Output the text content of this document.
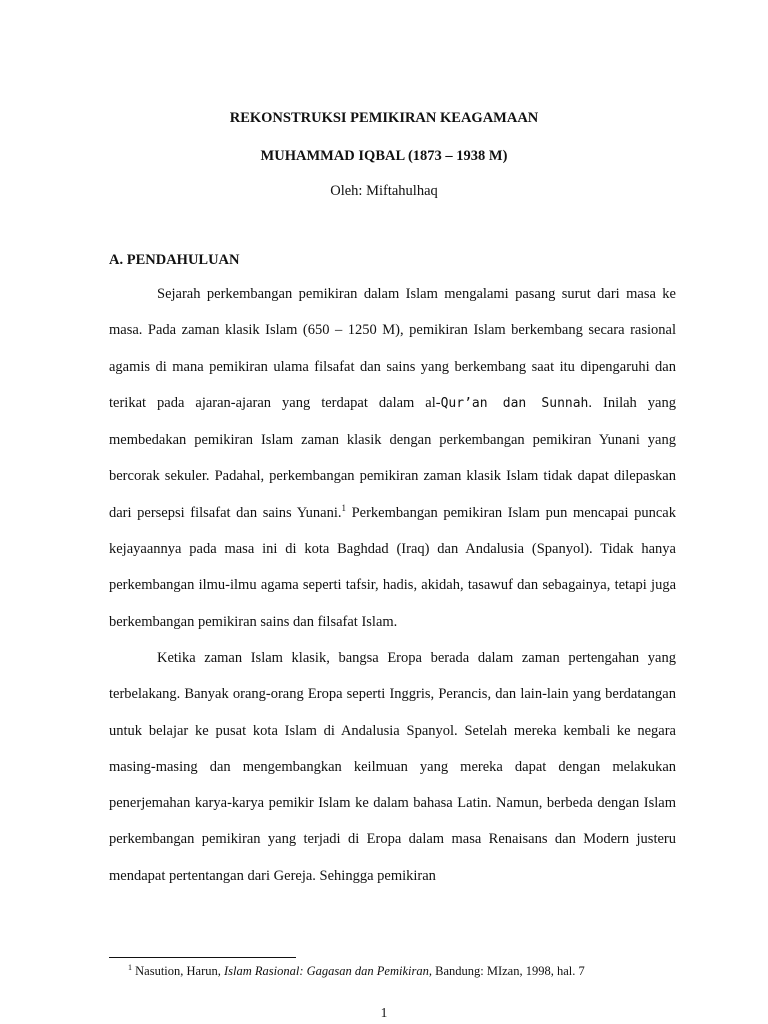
REKONSTRUKSI PEMIKIRAN KEAGAMAAN
MUHAMMAD IQBAL (1873 – 1938 M)
Oleh: Miftahulhaq
A. PENDAHULUAN

Sejarah perkembangan pemikiran dalam Islam mengalami pasang surut dari masa ke masa. Pada zaman klasik Islam (650 – 1250 M), pemikiran Islam berkembang secara rasional agamis di mana pemikiran ulama filsafat dan sains yang berkembang saat itu dipengaruhi dan terikat pada ajaran-ajaran yang terdapat dalam al-Qur’an dan Sunnah. Inilah yang membedakan pemikiran Islam zaman klasik dengan perkembangan pemikiran Yunani yang bercorak sekuler. Padahal, perkembangan pemikiran zaman klasik Islam tidak dapat dilepaskan dari persepsi filsafat dan sains Yunani.$^1$ Perkembangan pemikiran Islam pun mencapai puncak kejayaannya pada masa ini di kota Baghdad (Iraq) dan Andalusia (Spanyol). Tidak hanya perkembangan ilmu-ilmu agama seperti tafsir, hadis, akidah, tasawuf dan sebagainya, tetapi juga berkembangan pemikiran sains dan filsafat Islam.

Ketika zaman Islam klasik, bangsa Eropa berada dalam zaman pertengahan yang terbelakang. Banyak orang-orang Eropa seperti Inggris, Perancis, dan lain-lain yang berdatangan untuk belajar ke pusat kota Islam di Andalusia Spanyol. Setelah mereka kembali ke negara masing-masing dan mengembangkan keilmuan yang mereka dapat dengan melakukan penerjemahan karya-karya pemikir Islam ke dalam bahasa Latin. Namun, berbeda dengan Islam perkembangan pemikiran yang terjadi di Eropa dalam masa Renaisans dan Modern justeru mendapat pertentangan dari Gereja. Sehingga pemikiran

$^1$ Nasution, Harun, Islam Rasional: Gagasan dan Pemikiran, Bandung: MIzan, 1998, hal. 7
1
